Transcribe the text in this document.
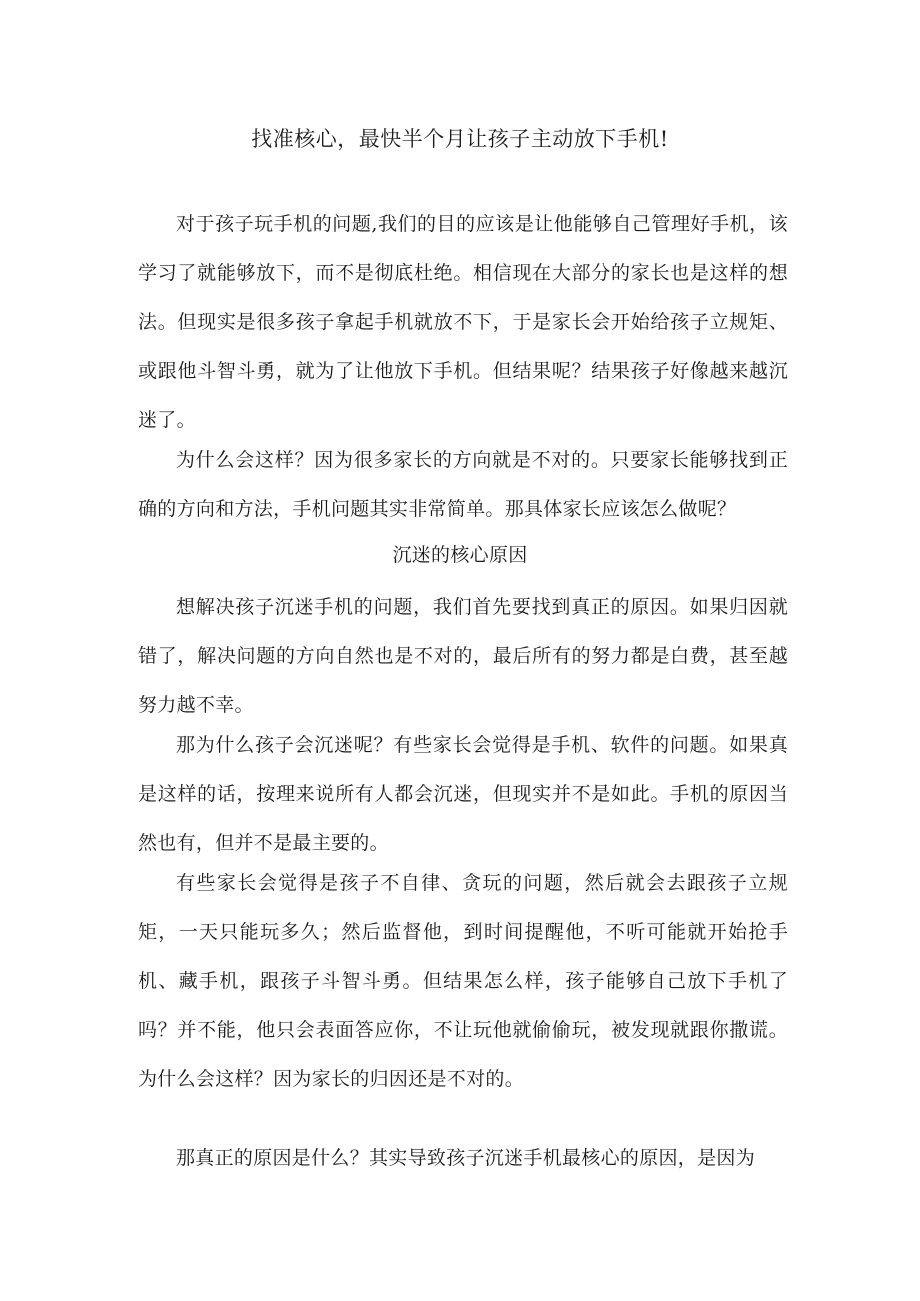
找准核心，最快半个月让孩子主动放下手机!

对于孩子玩手机的问题,我们的目的应该是让他能够自己管理好手机，该学习了就能够放下，而不是彻底杜绝。相信现在大部分的家长也是这样的想法。但现实是很多孩子拿起手机就放不下，于是家长会开始给孩子立规矩、或跟他斗智斗勇，就为了让他放下手机。但结果呢？结果孩子好像越来越沉迷了。

为什么会这样？因为很多家长的方向就是不对的。只要家长能够找到正确的方向和方法，手机问题其实非常简单。那具体家长应该怎么做呢？

沉迷的核心原因

想解决孩子沉迷手机的问题，我们首先要找到真正的原因。如果归因就错了，解决问题的方向自然也是不对的，最后所有的努力都是白费，甚至越努力越不幸。

那为什么孩子会沉迷呢？有些家长会觉得是手机、软件的问题。如果真是这样的话，按理来说所有人都会沉迷，但现实并不是如此。手机的原因当然也有，但并不是最主要的。

有些家长会觉得是孩子不自律、贪玩的问题，然后就会去跟孩子立规矩，一天只能玩多久；然后监督他，到时间提醒他，不听可能就开始抢手机、藏手机，跟孩子斗智斗勇。但结果怎么样，孩子能够自己放下手机了吗？并不能，他只会表面答应你，不让玩他就偷偷玩，被发现就跟你撒谎。为什么会这样？因为家长的归因还是不对的。

那真正的原因是什么？其实导致孩子沉迷手机最核心的原因，是因为
